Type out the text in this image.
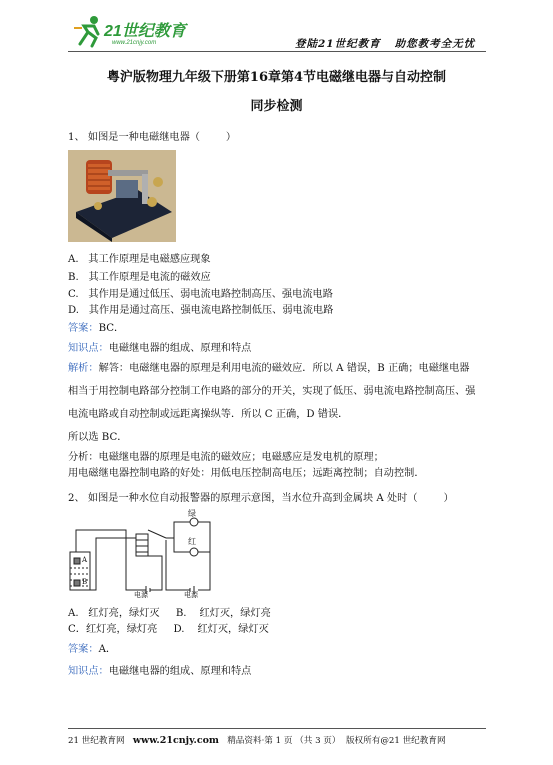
21世纪教育
www.21cnjy.com	登陆21世纪教育   助您教考全无忧
粤沪版物理九年级下册第16章第4节电磁继电器与自动控制
同步检测
1、 如图是一种电磁继电器（        ）
A.   其工作原理是电磁感应现象
B.   其工作原理是电流的磁效应
C.   其作用是通过低压、弱电流电路控制高压、强电流电路
D.   其作用是通过高压、强电流电路控制低压、弱电流电路
答案：BC．
知识点：电磁继电器的组成、原理和特点
解析：解答：电磁继电器的原理是利用电流的磁效应．所以 A 错误，B 正确；电磁继电器
相当于用控制电路部分控制工作电路的部分的开关，实现了低压、弱电流电路控制高压、强
电流电路或自动控制或远距离操纵等．所以 C 正确，D 错误．
所以选 BC．
分析：电磁继电器的原理是电流的磁效应；电磁感应是发电机的原理；
用电磁继电器控制电路的好处：用低电压控制高电压；远距离控制；自动控制．
2、 如图是一种水位自动报警器的原理示意图，当水位升高到金属块 A 处时（        ）
绿
红
A
B
电源	电源
A.   红灯亮，绿灯灭     B.    红灯灭，绿灯亮
C．红灯亮，绿灯亮     D.    红灯灭，绿灯灭
答案：A．
知识点：电磁继电器的组成、原理和特点
21 世纪教育网 www.21cnjy.com 精品资料·第 1 页 （共 3 页） 版权所有@21 世纪教育网
